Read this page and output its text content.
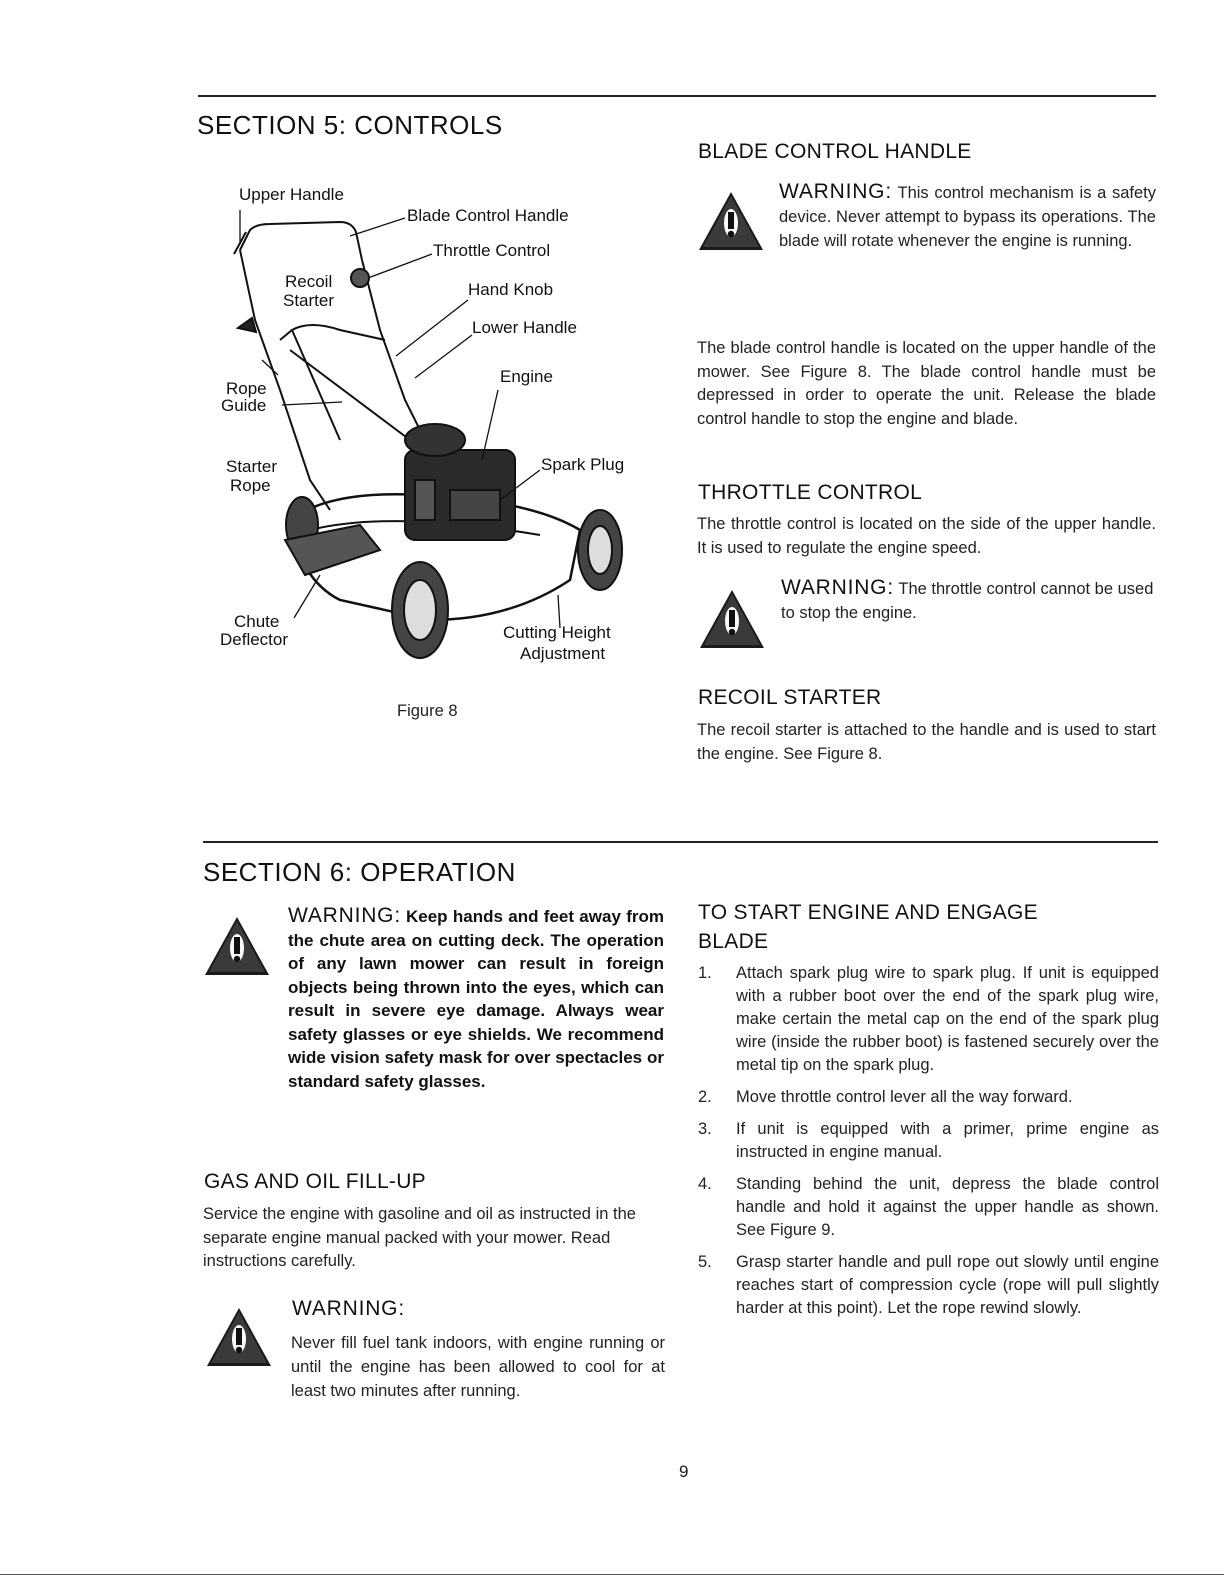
SECTION 5: CONTROLS
Upper Handle
Blade Control Handle
Throttle Control
Recoil
Starter
Hand Knob
Lower Handle
Rope
Guide
Engine
Starter
Rope
Spark Plug
Chute
Deflector	Cutting Height
Adjustment
Figure 8
BLADE CONTROL HANDLE
WARNING: This control mechanism is a safety device. Never attempt to bypass its operations. The blade will rotate whenever the engine is running.
The blade control handle is located on the upper handle of the mower. See Figure 8. The blade control handle must be depressed in order to operate the unit. Release the blade control handle to stop the engine and blade.
THROTTLE CONTROL
The throttle control is located on the side of the upper handle. It is used to regulate the engine speed.
WARNING: The throttle control cannot be used to stop the engine.
RECOIL STARTER
The recoil starter is attached to the handle and is used to start the engine. See Figure 8.
SECTION 6: OPERATION
WARNING: Keep hands and feet away from the chute area on cutting deck. The operation of any lawn mower can result in foreign objects being thrown into the eyes, which can result in severe eye damage. Always wear safety glasses or eye shields. We recommend wide vision safety mask for over spectacles or standard safety glasses.
GAS AND OIL FILL-UP
Service the engine with gasoline and oil as instructed in the separate engine manual packed with your mower. Read instructions carefully.
WARNING:
Never fill fuel tank indoors, with engine running or until the engine has been allowed to cool for at least two minutes after running.
TO START ENGINE AND ENGAGE
BLADE
1. Attach spark plug wire to spark plug. If unit is equipped with a rubber boot over the end of the spark plug wire, make certain the metal cap on the end of the spark plug wire (inside the rubber boot) is fastened securely over the metal tip on the spark plug.
2. Move throttle control lever all the way forward.
3. If unit is equipped with a primer, prime engine as instructed in engine manual.
4. Standing behind the unit, depress the blade control handle and hold it against the upper handle as shown. See Figure 9.
5. Grasp starter handle and pull rope out slowly until engine reaches start of compression cycle (rope will pull slightly harder at this point). Let the rope rewind slowly.
9
